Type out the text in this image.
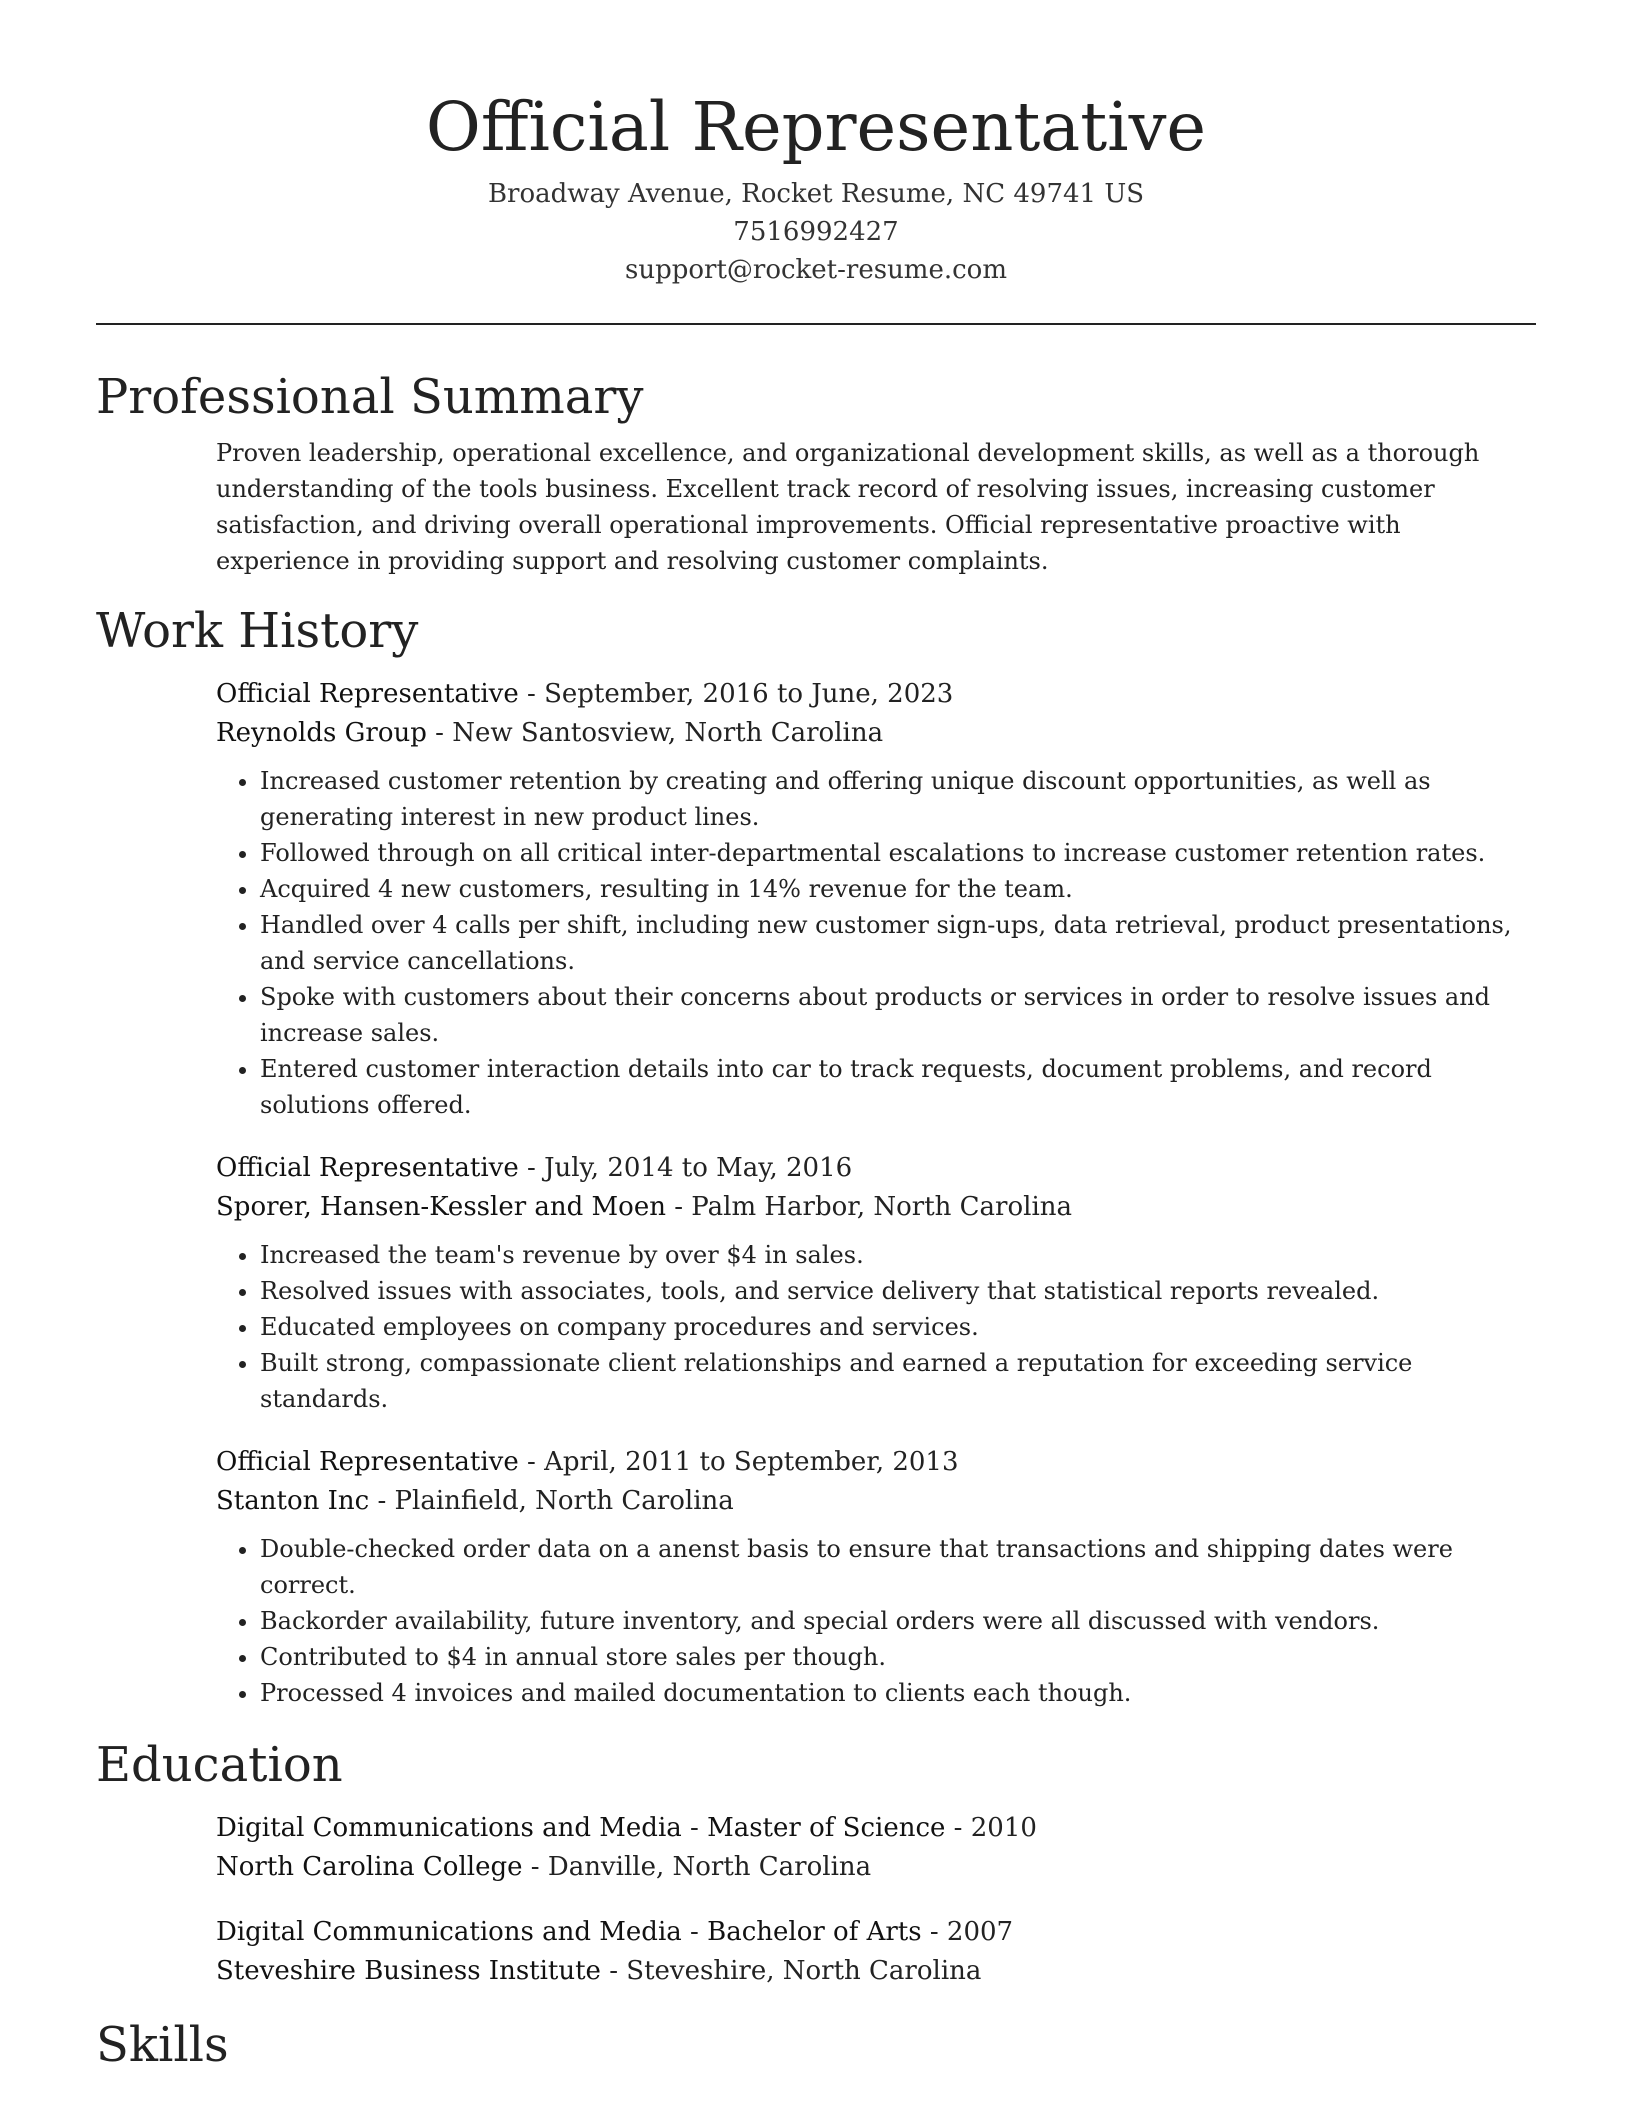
Official Representative
Broadway Avenue, Rocket Resume, NC 49741 US
7516992427
support@rocket-resume.com
Professional Summary

Proven leadership, operational excellence, and organizational development skills, as well as a thorough understanding of the tools business. Excellent track record of resolving issues, increasing customer satisfaction, and driving overall operational improvements. Official representative proactive with experience in providing support and resolving customer complaints.

Work History
Official Representative - September, 2016 to June, 2023
Reynolds Group - New Santosview, North Carolina
• Increased customer retention by creating and offering unique discount opportunities, as well as generating interest in new product lines.
• Followed through on all critical inter-departmental escalations to increase customer retention rates.
• Acquired 4 new customers, resulting in 14% revenue for the team.
• Handled over 4 calls per shift, including new customer sign-ups, data retrieval, product presentations, and service cancellations.
• Spoke with customers about their concerns about products or services in order to resolve issues and increase sales.
• Entered customer interaction details into car to track requests, document problems, and record solutions offered.
Official Representative - July, 2014 to May, 2016
Sporer, Hansen-Kessler and Moen - Palm Harbor, North Carolina
• Increased the team's revenue by over $4 in sales.
• Resolved issues with associates, tools, and service delivery that statistical reports revealed.
• Educated employees on company procedures and services.
• Built strong, compassionate client relationships and earned a reputation for exceeding service standards.
Official Representative - April, 2011 to September, 2013
Stanton Inc - Plainfield, North Carolina
• Double-checked order data on a anenst basis to ensure that transactions and shipping dates were correct.
• Backorder availability, future inventory, and special orders were all discussed with vendors.
• Contributed to $4 in annual store sales per though.
• Processed 4 invoices and mailed documentation to clients each though.
Education
Digital Communications and Media - Master of Science - 2010
North Carolina College - Danville, North Carolina
Digital Communications and Media - Bachelor of Arts - 2007
Steveshire Business Institute - Steveshire, North Carolina
Skills
